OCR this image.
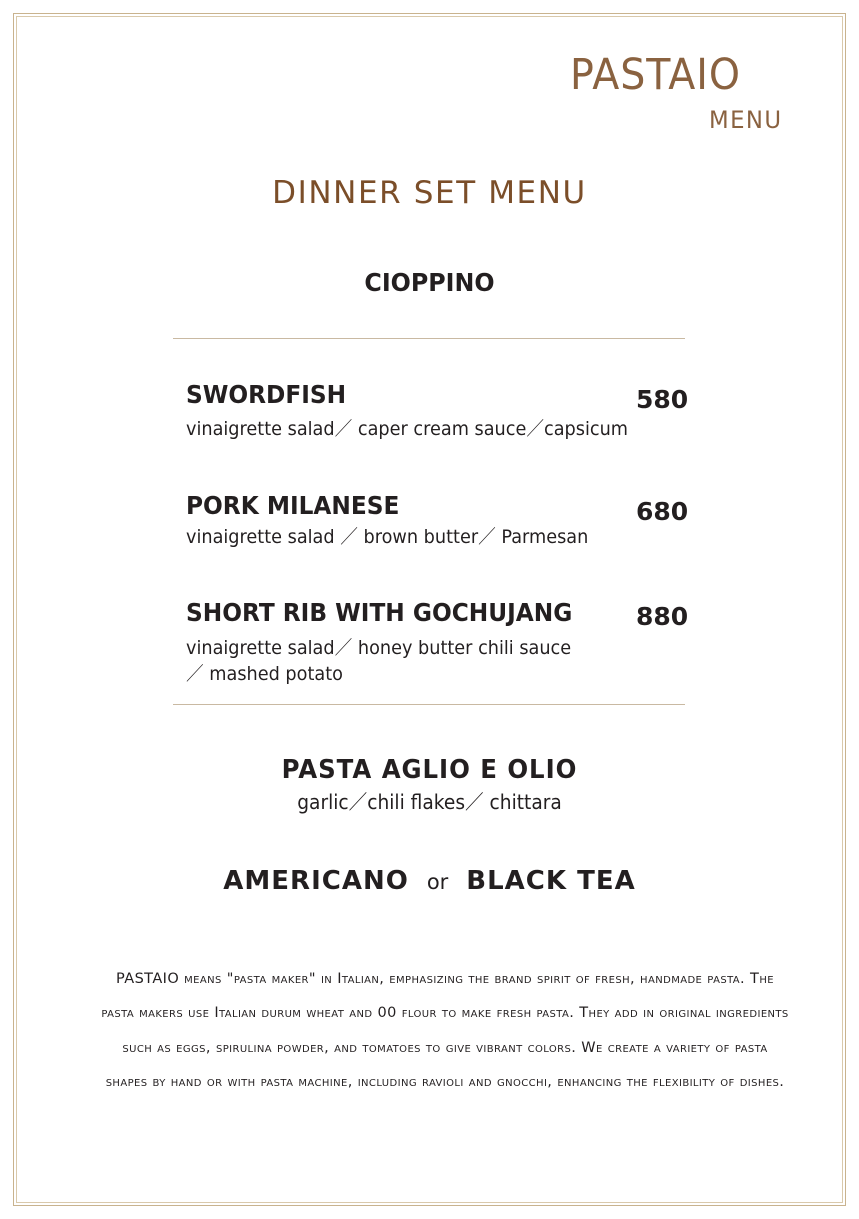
PASTAIO
MENU
DINNER SET MENU
CIOPPINO
SWORDFISH	580
vinaigrette salad／ caper cream sauce／capsicum
PORK MILANESE	680
vinaigrette salad ／ brown butter／ Parmesan
SHORT RIB WITH GOCHUJANG	880
vinaigrette salad／ honey butter chili sauce／ mashed potato
PASTA AGLIO E OLIO
garlic／chili flakes／ chittara
AMERICANO or BLACK TEA
PASTAIO means "pasta maker" in Italian, emphasizing the brand spirit of fresh, handmade pasta. The pasta makers use Italian durum wheat and 00 flour to make fresh pasta. They add in original ingredients such as eggs, spirulina powder, and tomatoes to give vibrant colors. We create a variety of pasta shapes by hand or with pasta machine, including ravioli and gnocchi, enhancing the flexibility of dishes.
